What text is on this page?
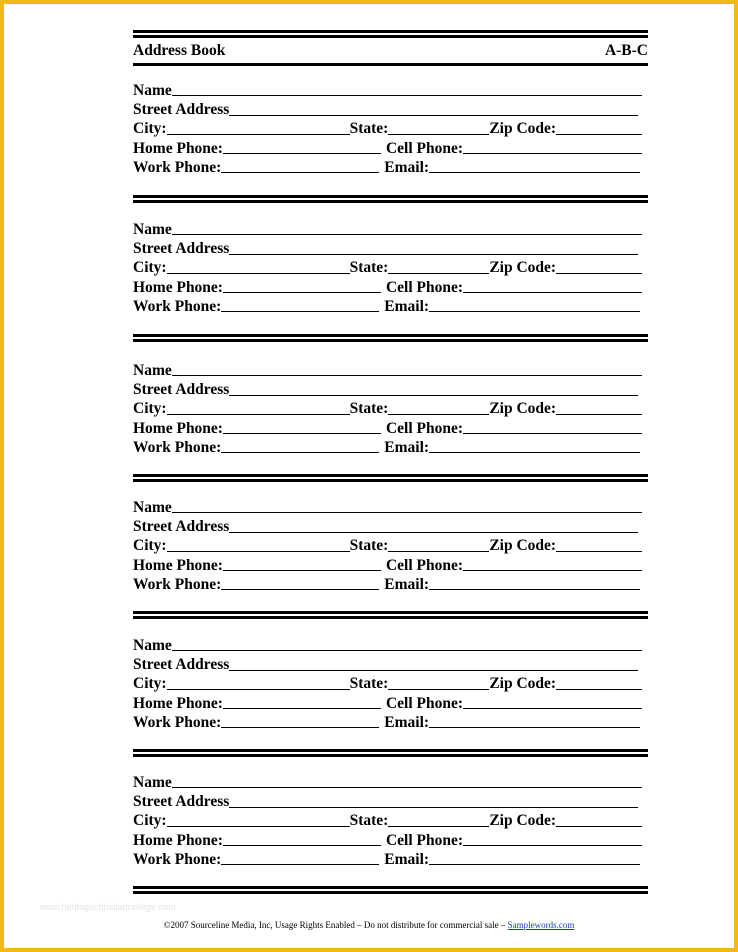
Address Book	A-B-C
Name
Street Address
City:	State:	Zip Code:
Home Phone:	Cell Phone:
Work Phone:	Email:
Name
Street Address
City:	State:	Zip Code:
Home Phone:	Cell Phone:
Work Phone:	Email:
Name
Street Address
City:	State:	Zip Code:
Home Phone:	Cell Phone:
Work Phone:	Email:
Name
Street Address
City:	State:	Zip Code:
Home Phone:	Cell Phone:
Work Phone:	Email:
Name
Street Address
City:	State:	Zip Code:
Home Phone:	Cell Phone:
Work Phone:	Email:
Name
Street Address
City:	State:	Zip Code:
Home Phone:	Cell Phone:
Work Phone:	Email:
www.heritagechristiancollege.com
©2007 Sourceline Media, Inc, Usage Rights Enabled – Do not distribute for commercial sale – Samplewords.com
